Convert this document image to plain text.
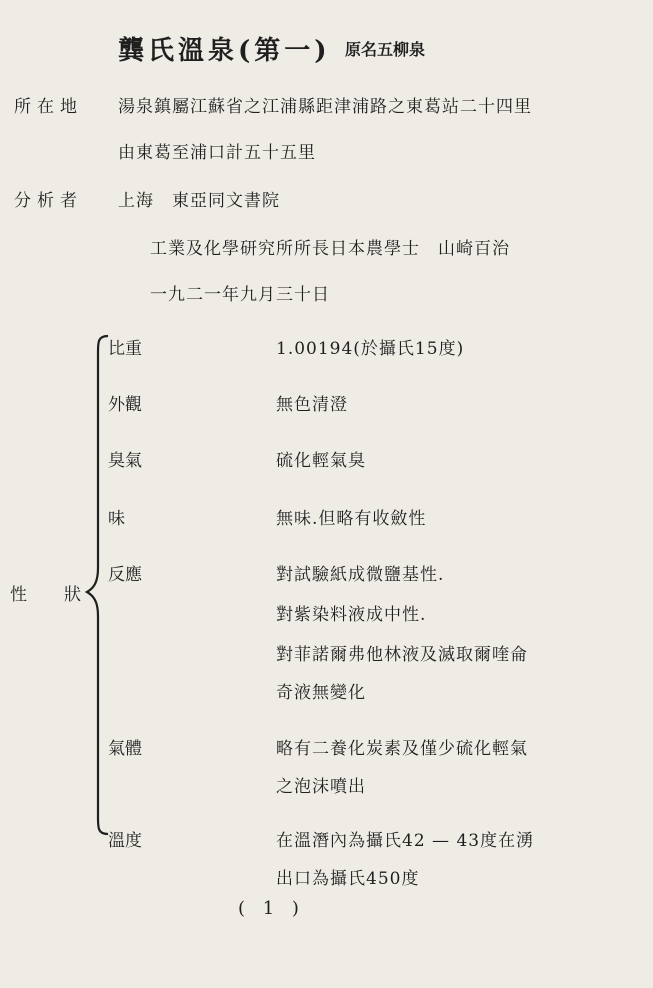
龔氏溫泉(第一) 原名五柳泉
所在地 湯泉鎮屬江蘇省之江浦縣距津浦路之東葛站二十四里
由東葛至浦口計五十五里
分析者 上海　東亞同文書院
工業及化學研究所所長日本農學士　山崎百治
一九二一年九月三十日
性　狀
比重	1.00194(於攝氏15度)
外觀	無色清澄
臭氣	硫化輕氣臭
味	無味.但略有收斂性
反應	對試驗紙成微鹽基性.
對紫染料液成中性.
對菲諾爾弗他林液及滅取爾喹侖
奇液無變化
氣體	略有二養化炭素及僅少硫化輕氣
之泡沫噴出
溫度	在溫潛內為攝氏42 — 43度在湧
出口為攝氏450度
( 1 )
